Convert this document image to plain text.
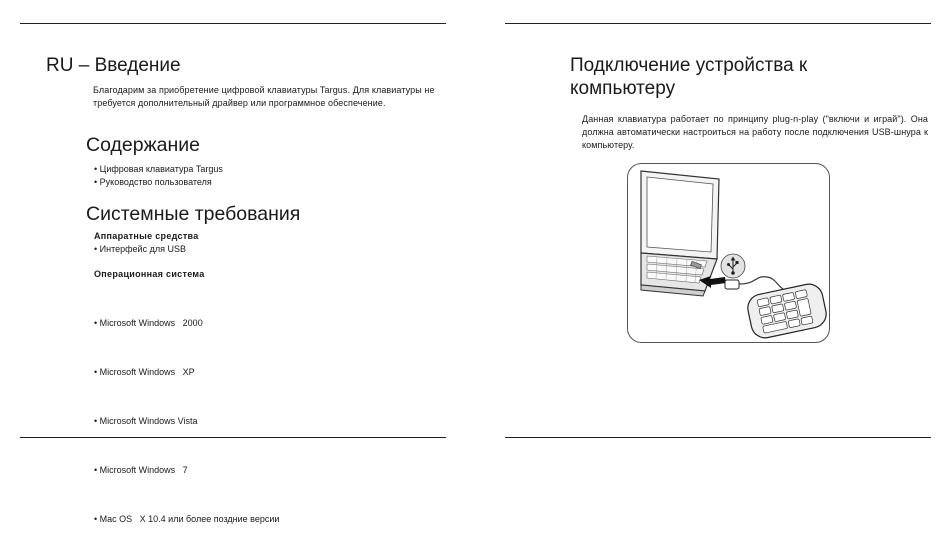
RU – Введение

Благодарим за приобретение цифровой клавиатуры Targus. Для клавиатуры не требуется дополнительный драйвер или программное обеспечение.

Содержание
• Цифровая клавиатура Targus
• Руководство пользователя
Системные требования

Аппаратные средства

• Интерфейс для USB

Операционная система

• Microsoft Windows   2000

• Microsoft Windows   XP

• Microsoft Windows Vista

• Microsoft Windows   7

• Mac OS   X 10.4 или более поздние версии

Подключение устройства к компьютеру

Данная клавиатура работает по принципу plug-n-play ("включи и играй"). Она должна автоматически настроиться на работу после подключения USB-шнура к компьютеру.
